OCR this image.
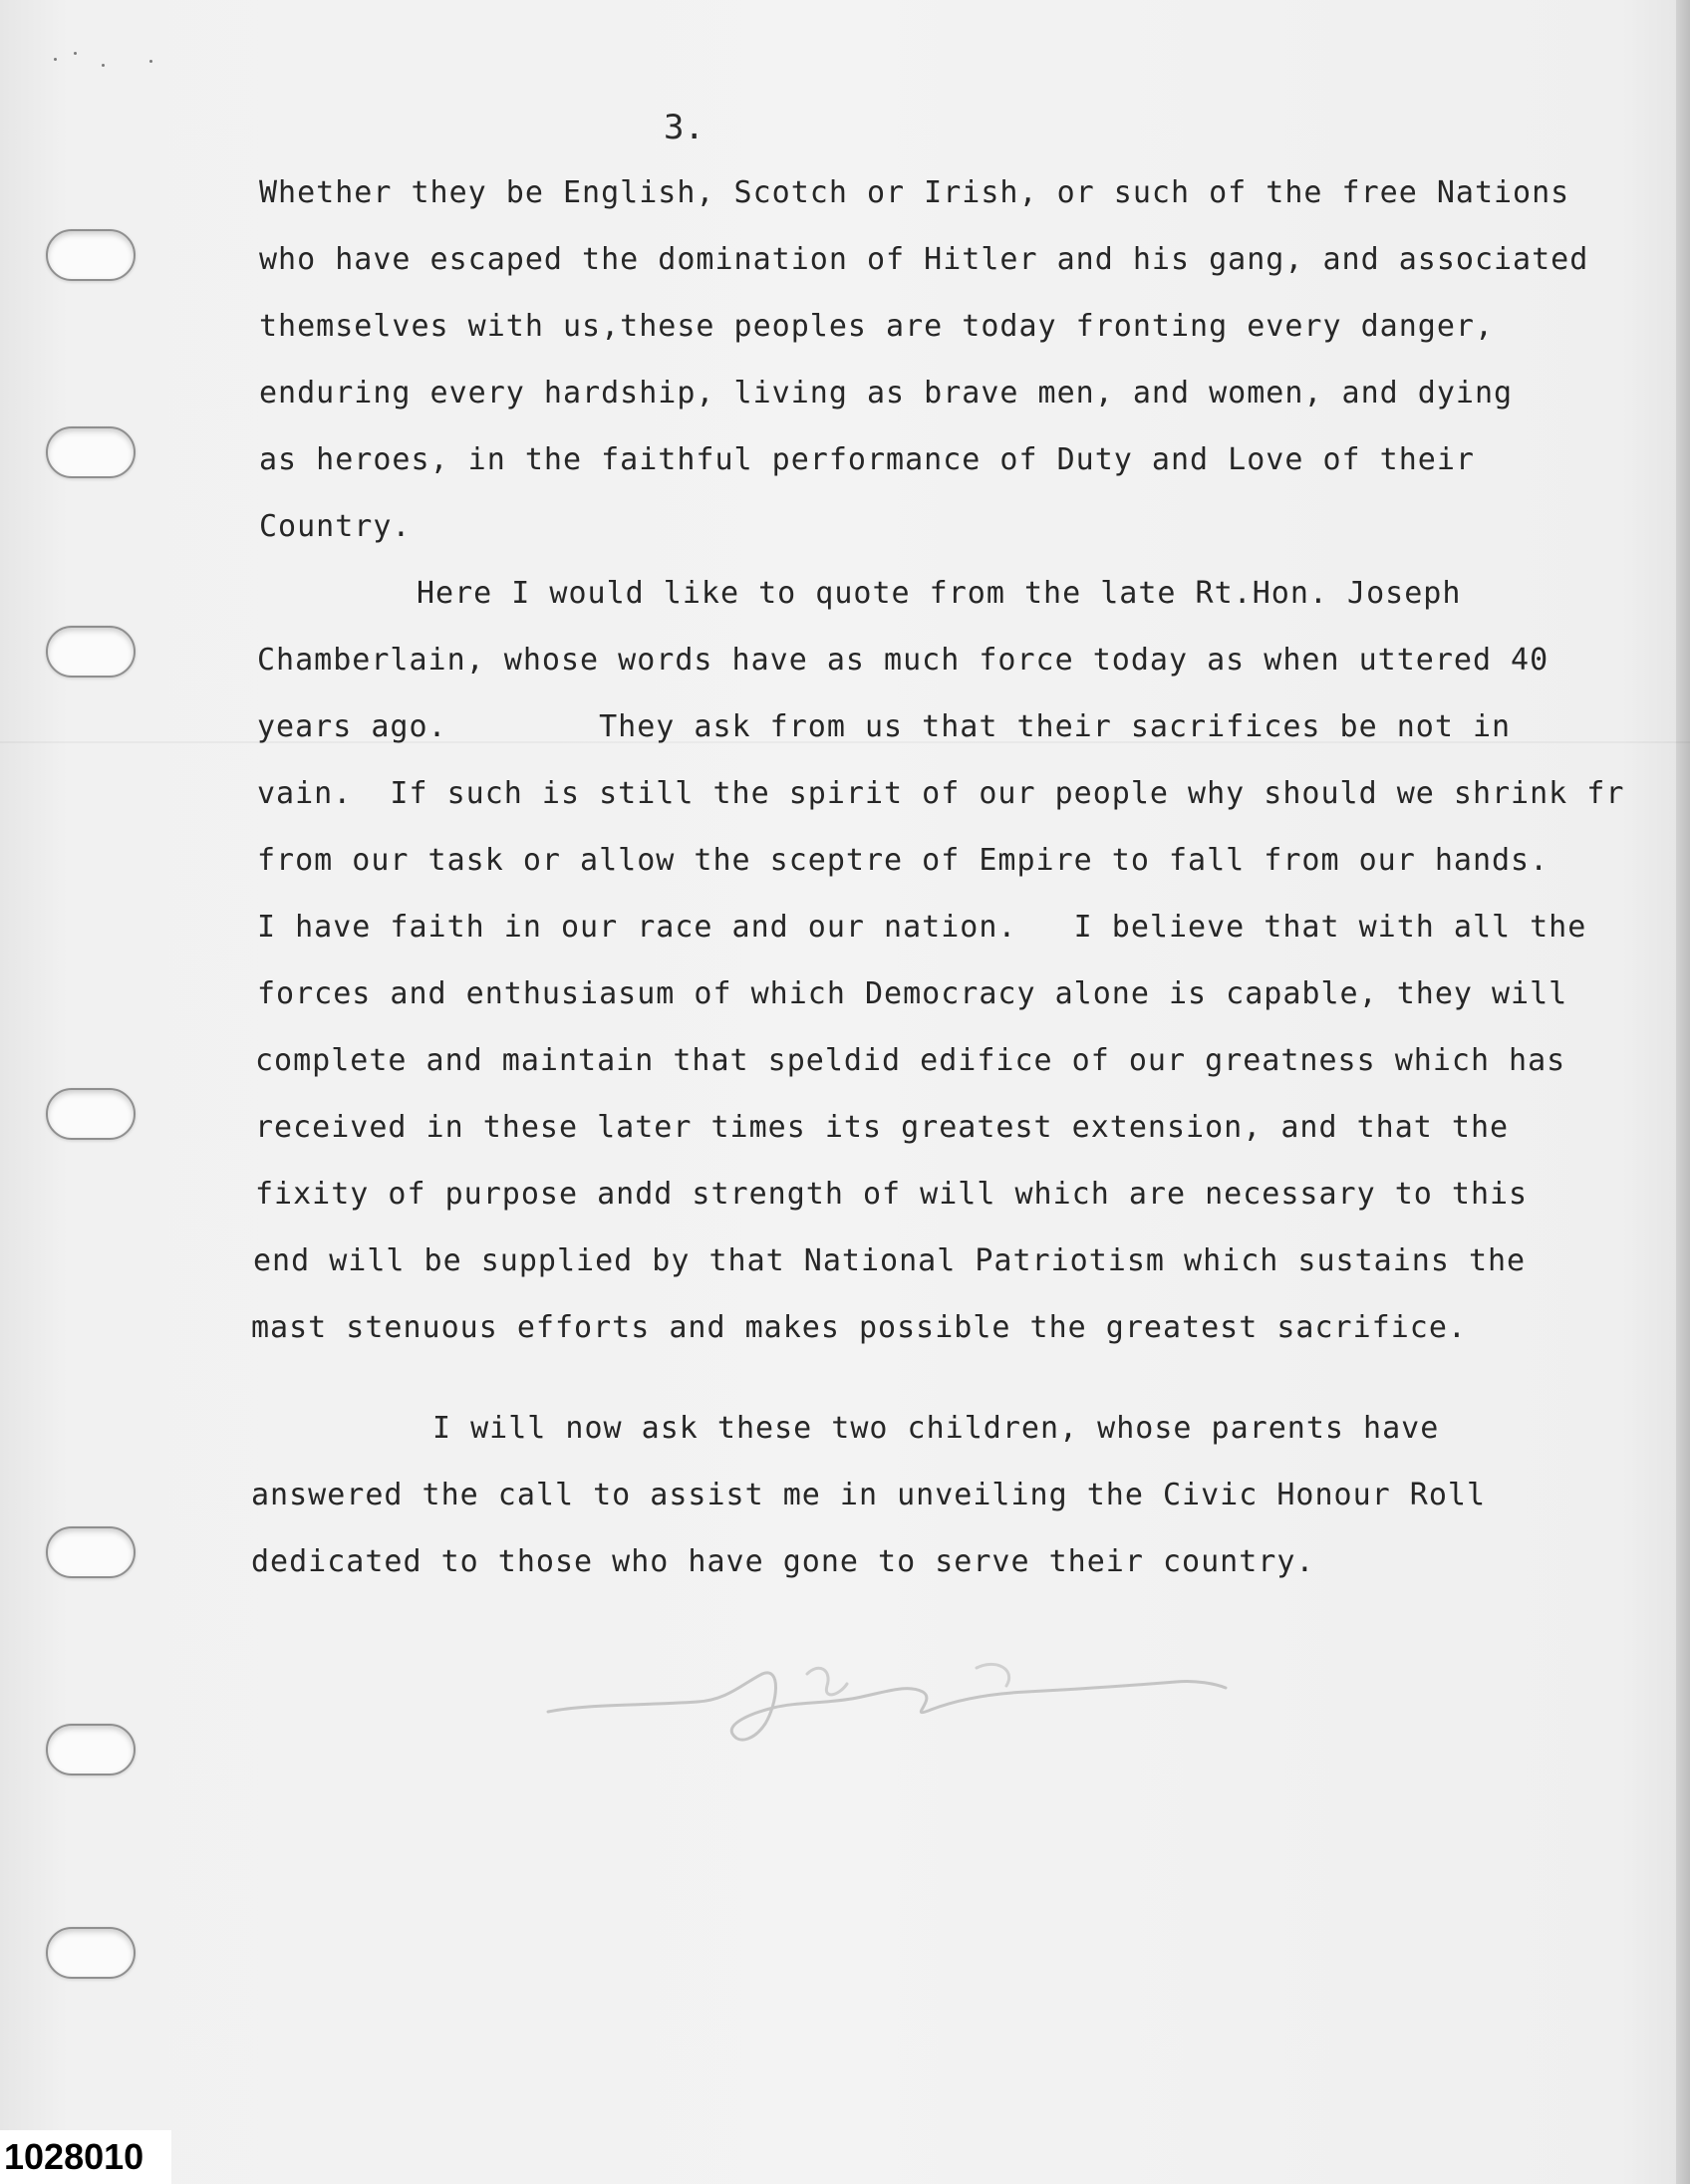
3.
Whether they be English, Scotch or Irish, or such of the free Nations
who have escaped the domination of Hitler and his gang, and associated
themselves with us,these peoples are today fronting every danger,
enduring every hardship, living as brave men, and women, and dying
as heroes, in the faithful performance of Duty and Love of their
Country.
Here I would like to quote from the late Rt.Hon. Joseph
Chamberlain, whose words have as much force today as when uttered 40
years ago.        They ask from us that their sacrifices be not in
vain.  If such is still the spirit of our people why should we shrink fr
from our task or allow the sceptre of Empire to fall from our hands.
I have faith in our race and our nation.   I believe that with all the
forces and enthusiasum of which Democracy alone is capable, they will
complete and maintain that speldid edifice of our greatness which has
received in these later times its greatest extension, and that the
fixity of purpose andd strength of will which are necessary to this
end will be supplied by that National Patriotism which sustains the
mast stenuous efforts and makes possible the greatest sacrifice.
I will now ask these two children, whose parents have
answered the call to assist me in unveiling the Civic Honour Roll
dedicated to those who have gone to serve their country.
1028010
